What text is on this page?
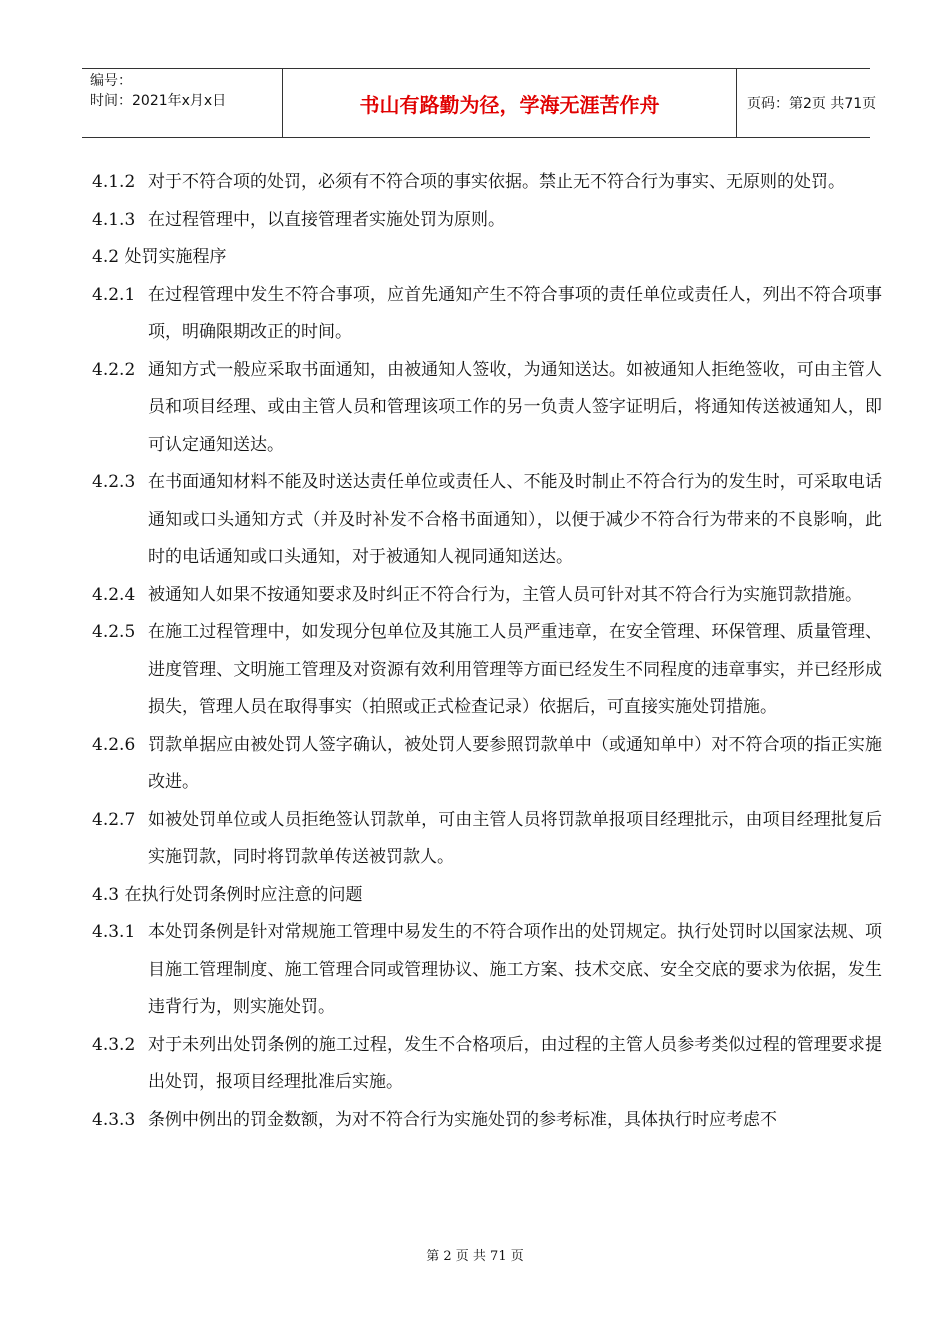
编号：
时间：2021年x月x日	书山有路勤为径，学海无涯苦作舟	页码：第2页 共71页
4.1.2 对于不符合项的处罚，必须有不符合项的事实依据。禁止无不符合行为事实、无原则的处罚。
4.1.3 在过程管理中，以直接管理者实施处罚为原则。
4.2 处罚实施程序
4.2.1 在过程管理中发生不符合事项，应首先通知产生不符合事项的责任单位或责任人，列出不符合项事项，明确限期改正的时间。
4.2.2 通知方式一般应采取书面通知，由被通知人签收，为通知送达。如被通知人拒绝签收，可由主管人员和项目经理、或由主管人员和管理该项工作的另一负责人签字证明后，将通知传送被通知人，即可认定通知送达。
4.2.3 在书面通知材料不能及时送达责任单位或责任人、不能及时制止不符合行为的发生时，可采取电话通知或口头通知方式（并及时补发不合格书面通知），以便于减少不符合行为带来的不良影响，此时的电话通知或口头通知，对于被通知人视同通知送达。
4.2.4 被通知人如果不按通知要求及时纠正不符合行为，主管人员可针对其不符合行为实施罚款措施。
4.2.5 在施工过程管理中，如发现分包单位及其施工人员严重违章，在安全管理、环保管理、质量管理、进度管理、文明施工管理及对资源有效利用管理等方面已经发生不同程度的违章事实，并已经形成损失，管理人员在取得事实（拍照或正式检查记录）依据后，可直接实施处罚措施。
4.2.6 罚款单据应由被处罚人签字确认，被处罚人要参照罚款单中（或通知单中）对不符合项的指正实施改进。
4.2.7 如被处罚单位或人员拒绝签认罚款单，可由主管人员将罚款单报项目经理批示，由项目经理批复后实施罚款，同时将罚款单传送被罚款人。
4.3 在执行处罚条例时应注意的问题
4.3.1 本处罚条例是针对常规施工管理中易发生的不符合项作出的处罚规定。执行处罚时以国家法规、项目施工管理制度、施工管理合同或管理协议、施工方案、技术交底、安全交底的要求为依据，发生违背行为，则实施处罚。
4.3.2 对于未列出处罚条例的施工过程，发生不合格项后，由过程的主管人员参考类似过程的管理要求提出处罚，报项目经理批准后实施。
4.3.3 条例中例出的罚金数额，为对不符合行为实施处罚的参考标准，具体执行时应考虑不
第 2 页 共 71 页
